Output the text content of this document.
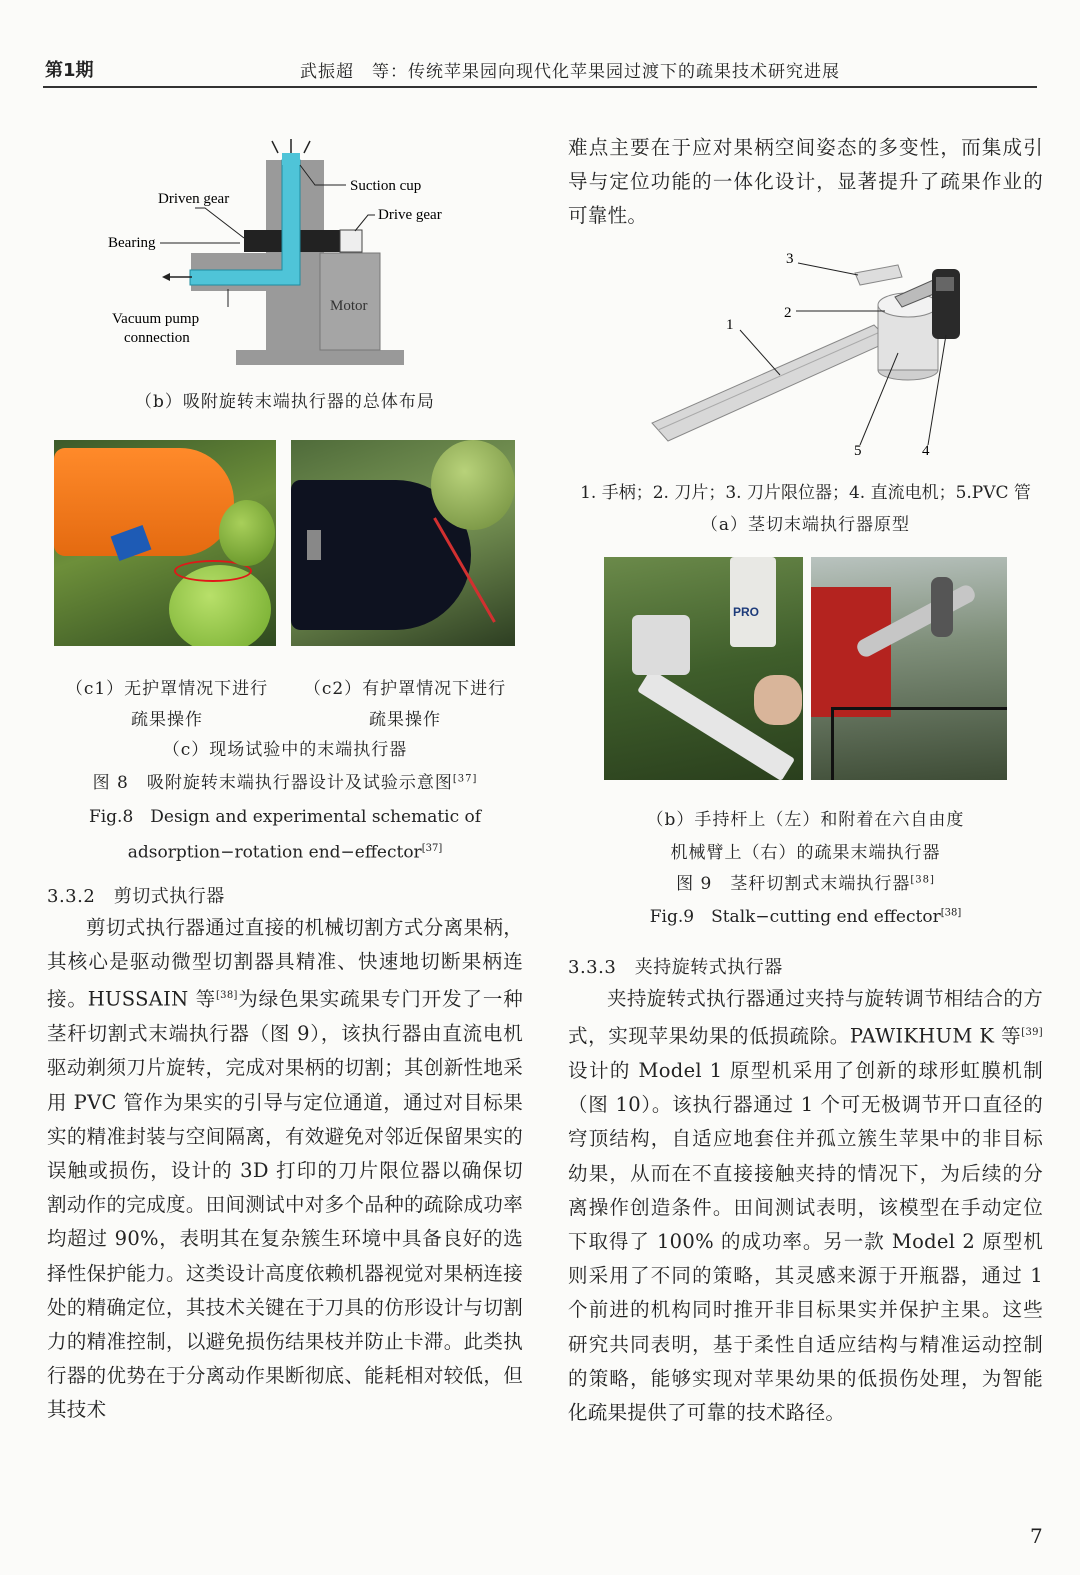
第1期	武振超　等：传统苹果园向现代化苹果园过渡下的疏果技术研究进展
Suction cup
Driven gear
Drive gear
Bearing
Motor
Vacuum pump
connection
（b）吸附旋转末端执行器的总体布局
（c1）无护罩情况下进行
疏果操作
（c2）有护罩情况下进行
疏果操作
（c）现场试验中的末端执行器
图 8　吸附旋转末端执行器设计及试验示意图[37]
Fig.8　Design and experimental schematic of
adsorption−rotation end−effector[37]
3.3.2　剪切式执行器

剪切式执行器通过直接的机械切割方式分离果柄，其核心是驱动微型切割器具精准、快速地切断果柄连接。HUSSAIN 等[38]为绿色果实疏果专门开发了一种茎秆切割式末端执行器（图 9），该执行器由直流电机驱动剃须刀片旋转，完成对果柄的切割；其创新性地采用 PVC 管作为果实的引导与定位通道，通过对目标果实的精准封装与空间隔离，有效避免对邻近保留果实的误触或损伤，设计的 3D 打印的刀片限位器以确保切割动作的完成度。田间测试中对多个品种的疏除成功率均超过 90%，表明其在复杂簇生环境中具备良好的选择性保护能力。这类设计高度依赖机器视觉对果柄连接处的精确定位，其技术关键在于刀具的仿形设计与切割力的精准控制，以避免损伤结果枝并防止卡滞。此类执行器的优势在于分离动作果断彻底、能耗相对较低，但其技术

难点主要在于应对果柄空间姿态的多变性，而集成引导与定位功能的一体化设计，显著提升了疏果作业的可靠性。

3
2
1
5	4
1. 手柄；2. 刀片；3. 刀片限位器；4. 直流电机；5.PVC 管
（a）茎切末端执行器原型
PRO
（b）手持杆上（左）和附着在六自由度
机械臂上（右）的疏果末端执行器
图 9　茎秆切割式末端执行器[38]
Fig.9　Stalk−cutting end effector[38]
3.3.3　夹持旋转式执行器

夹持旋转式执行器通过夹持与旋转调节相结合的方式，实现苹果幼果的低损疏除。PAWIKHUM K 等[39]设计的 Model 1 原型机采用了创新的球形虹膜机制（图 10）。该执行器通过 1 个可无极调节开口直径的穹顶结构，自适应地套住并孤立簇生苹果中的非目标幼果，从而在不直接接触夹持的情况下，为后续的分离操作创造条件。田间测试表明，该模型在手动定位下取得了 100% 的成功率。另一款 Model 2 原型机则采用了不同的策略，其灵感来源于开瓶器，通过 1 个前进的机构同时推开非目标果实并保护主果。这些研究共同表明，基于柔性自适应结构与精准运动控制的策略，能够实现对苹果幼果的低损伤处理，为智能化疏果提供了可靠的技术路径。

7
